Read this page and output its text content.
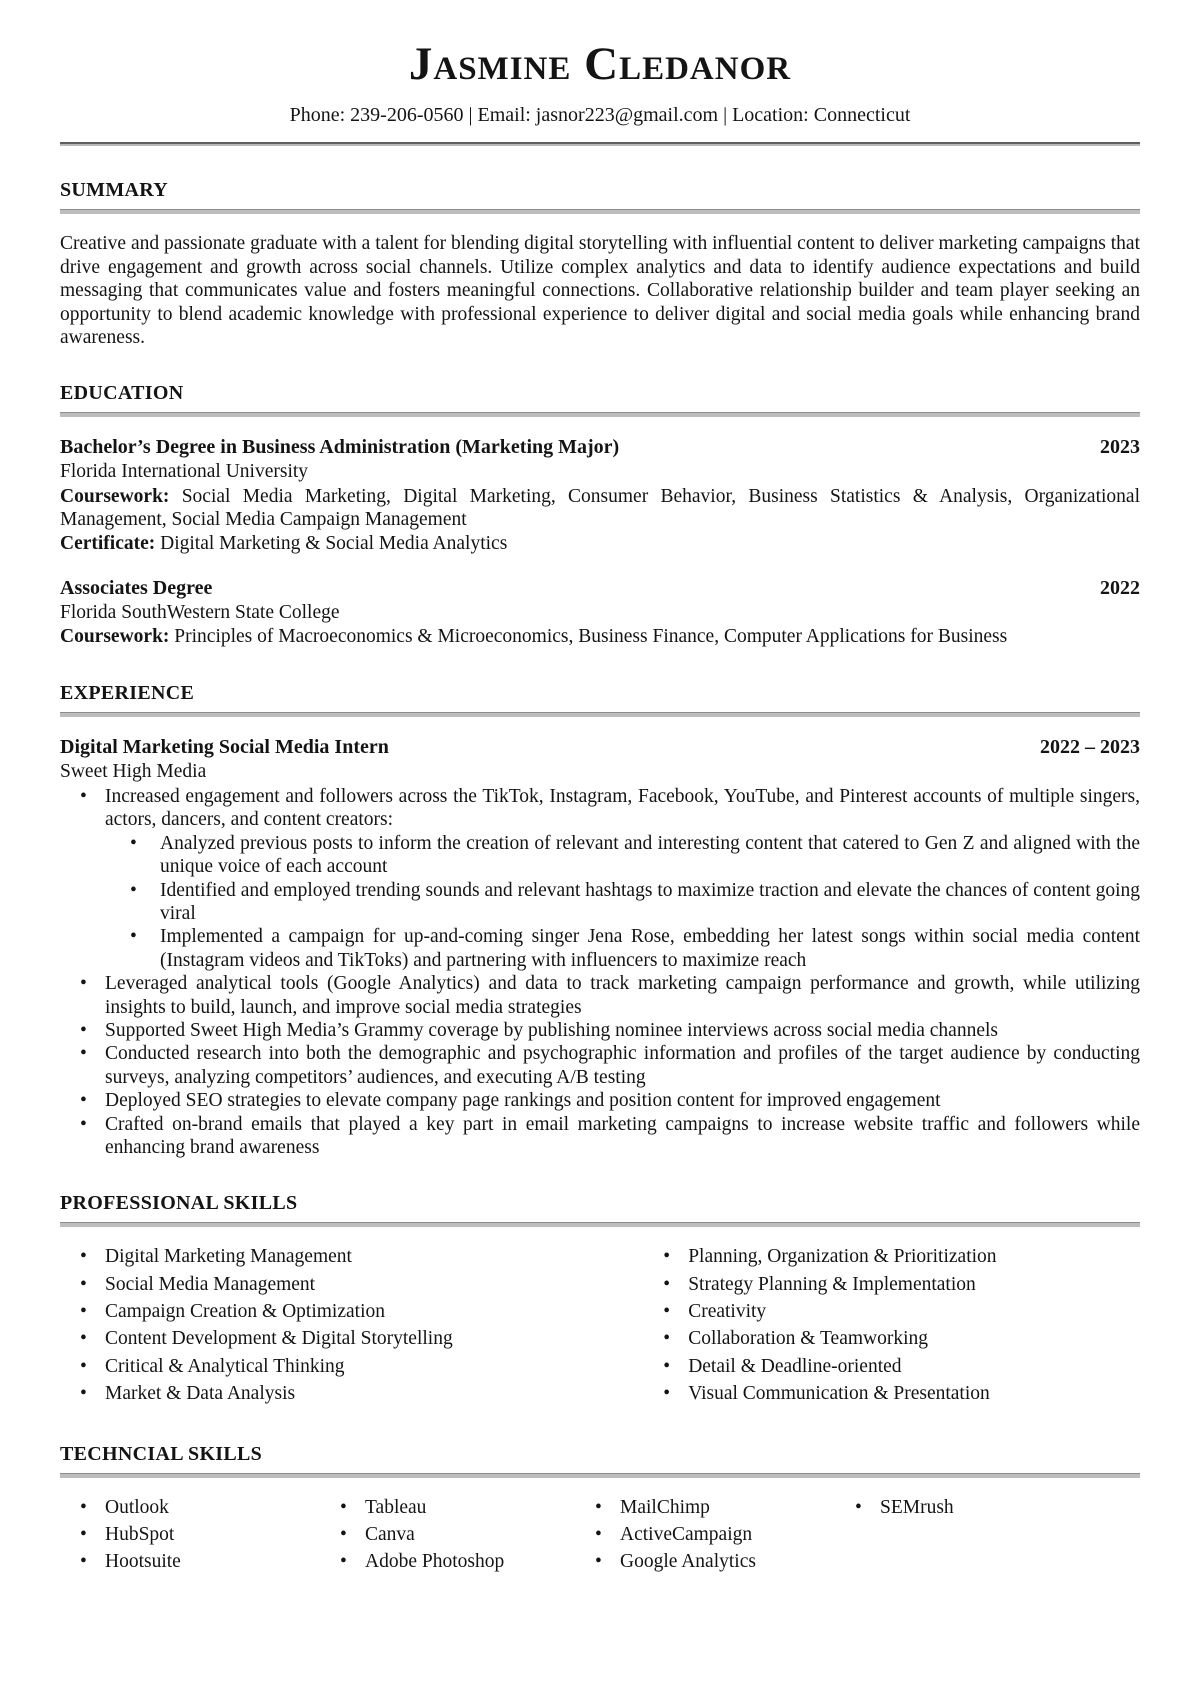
Jasmine Cledanor

Phone: 239-206-0560 | Email: jasnor223@gmail.com | Location: Connecticut

SUMMARY

Creative and passionate graduate with a talent for blending digital storytelling with influential content to deliver marketing campaigns that drive engagement and growth across social channels. Utilize complex analytics and data to identify audience expectations and build messaging that communicates value and fosters meaningful connections. Collaborative relationship builder and team player seeking an opportunity to blend academic knowledge with professional experience to deliver digital and social media goals while enhancing brand awareness.

EDUCATION
Bachelor’s Degree in Business Administration (Marketing Major)	2023

Florida International University

Coursework: Social Media Marketing, Digital Marketing, Consumer Behavior, Business Statistics & Analysis, Organizational Management, Social Media Campaign Management

Certificate: Digital Marketing & Social Media Analytics

Associates Degree	2022

Florida SouthWestern State College

Coursework: Principles of Macroeconomics & Microeconomics, Business Finance, Computer Applications for Business

EXPERIENCE
Digital Marketing Social Media Intern	2022 – 2023

Sweet High Media

• Increased engagement and followers across the TikTok, Instagram, Facebook, YouTube, and Pinterest accounts of multiple singers, actors, dancers, and content creators:
• Analyzed previous posts to inform the creation of relevant and interesting content that catered to Gen Z and aligned with the unique voice of each account
• Identified and employed trending sounds and relevant hashtags to maximize traction and elevate the chances of content going viral
• Implemented a campaign for up-and-coming singer Jena Rose, embedding her latest songs within social media content (Instagram videos and TikToks) and partnering with influencers to maximize reach
• Leveraged analytical tools (Google Analytics) and data to track marketing campaign performance and growth, while utilizing insights to build, launch, and improve social media strategies
• Supported Sweet High Media’s Grammy coverage by publishing nominee interviews across social media channels
• Conducted research into both the demographic and psychographic information and profiles of the target audience by conducting surveys, analyzing competitors’ audiences, and executing A/B testing
• Deployed SEO strategies to elevate company page rankings and position content for improved engagement
• Crafted on-brand emails that played a key part in email marketing campaigns to increase website traffic and followers while enhancing brand awareness
PROFESSIONAL SKILLS
• Digital Marketing Management
• Social Media Management
• Campaign Creation & Optimization
• Content Development & Digital Storytelling
• Critical & Analytical Thinking
• Market & Data Analysis
• Planning, Organization & Prioritization
• Strategy Planning & Implementation
• Creativity
• Collaboration & Teamworking
• Detail & Deadline-oriented
• Visual Communication & Presentation
TECHNCIAL SKILLS
• Outlook
• HubSpot
• Hootsuite
• Tableau
• Canva
• Adobe Photoshop
• MailChimp
• ActiveCampaign
• Google Analytics
• SEMrush
